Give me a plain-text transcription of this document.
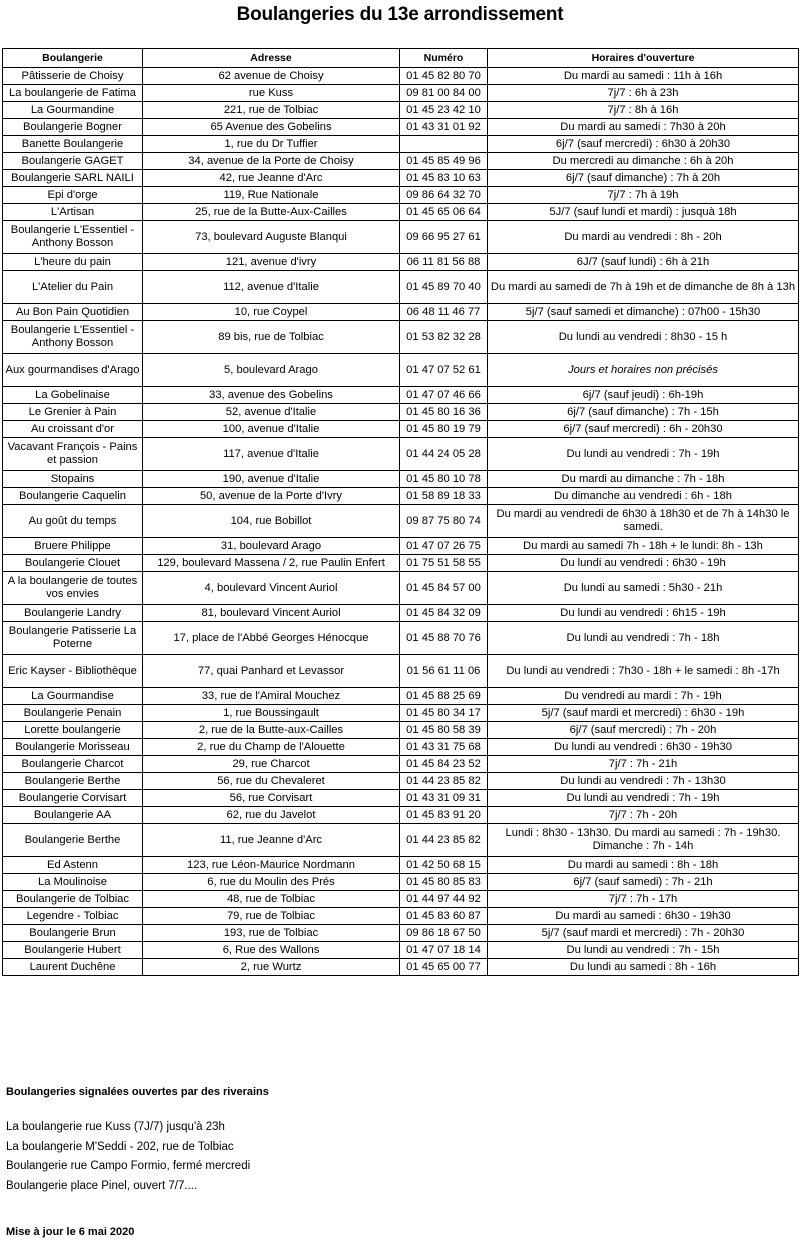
Boulangeries du 13e arrondissement
Boulangerie	Adresse	Numéro	Horaires d'ouverture
Pâtisserie de Choisy	62 avenue de Choisy	01 45 82 80 70	Du mardi au samedi : 11h à 16h
La boulangerie de Fatima	rue Kuss	09 81 00 84 00	7j/7 : 6h à 23h
La Gourmandine	221, rue de Tolbiac	01 45 23 42 10	7j/7 : 8h à 16h
Boulangerie Bogner	65 Avenue des Gobelins	01 43 31 01 92	Du mardi au samedi : 7h30 à 20h
Banette Boulangerie	1, rue du Dr Tuffier		6j/7 (sauf mercredi) : 6h30 à 20h30
Boulangerie GAGET	34, avenue de la Porte de Choisy	01 45 85 49 96	Du mercredi au dimanche : 6h à 20h
Boulangerie SARL NAILI	42, rue Jeanne d'Arc	01 45 83 10 63	6j/7 (sauf dimanche) : 7h à 20h
Epi d'orge	119, Rue Nationale	09 86 64 32 70	7j/7 : 7h à 19h
L'Artisan	25, rue de la Butte-Aux-Cailles	01 45 65 06 64	5J/7 (sauf lundi et mardi) : jusquà 18h
Boulangerie L'Essentiel - Anthony Bosson	73, boulevard Auguste Blanqui	09 66 95 27 61	Du mardi au vendredi : 8h - 20h
L'heure du pain	121, avenue d'ivry	06 11 81 56 88	6J/7 (sauf lundi) : 6h à 21h
L'Atelier du Pain	112, avenue d'Italie	01 45 89 70 40	Du mardi au samedi de 7h à 19h et de dimanche de 8h à 13h
Au Bon Pain Quotidien	10, rue Coypel	06 48 11 46 77	5j/7 (sauf samedi et dimanche) : 07h00 - 15h30
Boulangerie L'Essentiel - Anthony Bosson	89 bis, rue de Tolbiac	01 53 82 32 28	Du lundi au vendredi : 8h30 - 15 h
Aux gourmandises d'Arago	5, boulevard Arago	01 47 07 52 61	Jours et horaires non précisés
La Gobelinaise	33, avenue des Gobelins	01 47 07 46 66	6j/7 (sauf jeudi) : 6h-19h
Le Grenier à Pain	52, avenue d'Italie	01 45 80 16 36	6j/7 (sauf dimanche) : 7h - 15h
Au croissant d'or	100, avenue d'Italie	01 45 80 19 79	6j/7 (sauf mercredi) : 6h - 20h30
Vacavant François - Pains et passion	117, avenue d'Italie	01 44 24 05 28	Du lundi au vendredi : 7h - 19h
Stopains	190, avenue d'Italie	01 45 80 10 78	Du mardi au dimanche : 7h - 18h
Boulangerie Caquelin	50, avenue de la Porte d'Ivry	01 58 89 18 33	Du dimanche au vendredi : 6h - 18h
Au goût du temps	104, rue Bobillot	09 87 75 80 74	Du mardi au vendredi de 6h30 à 18h30 et de 7h à 14h30 le samedi.
Bruere Philippe	31, boulevard Arago	01 47 07 26 75	Du mardi au samedi 7h - 18h + le lundi: 8h - 13h
Boulangerie Clouet	129, boulevard Massena / 2, rue Paulin Enfert	01 75 51 58 55	Du lundi au vendredi : 6h30 - 19h
A la boulangerie de toutes vos envies	4, boulevard Vincent Auriol	01 45 84 57 00	Du lundi au samedi : 5h30 - 21h
Boulangerie Landry	81, boulevard Vincent Auriol	01 45 84 32 09	Du lundi au vendredi : 6h15 - 19h
Boulangerie Patisserie La Poterne	17, place de l'Abbé Georges Hénocque	01 45 88 70 76	Du lundi au vendredi : 7h - 18h
Eric Kayser - Bibliothèque	77, quai Panhard et Levassor	01 56 61 11 06	Du lundi au vendredi : 7h30 - 18h + le samedi : 8h -17h
La Gourmandise	33, rue de l'Amiral Mouchez	01 45 88 25 69	Du vendredi au mardi : 7h - 19h
Boulangerie Penain	1, rue Boussingault	01 45 80 34 17	5j/7 (sauf mardi et mercredi) : 6h30 - 19h
Lorette boulangerie	2, rue de la Butte-aux-Cailles	01 45 80 58 39	6j/7 (sauf mercredi) : 7h - 20h
Boulangerie Morisseau	2, rue du Champ de l'Alouette	01 43 31 75 68	Du lundi au vendredi : 6h30 - 19h30
Boulangerie Charcot	29, rue Charcot	01 45 84 23 52	7j/7 : 7h - 21h
Boulangerie Berthe	56, rue du Chevaleret	01 44 23 85 82	Du lundi au vendredi : 7h - 13h30
Boulangerie Corvisart	56, rue Corvisart	01 43 31 09 31	Du lundi au vendredi : 7h - 19h
Boulangerie AA	62, rue du Javelot	01 45 83 91 20	7j/7 : 7h - 20h
Boulangerie Berthe	11, rue Jeanne d'Arc	01 44 23 85 82	Lundi : 8h30 - 13h30. Du mardi au samedi : 7h - 19h30. Dimanche : 7h - 14h
Ed Astenn	123, rue Léon-Maurice Nordmann	01 42 50 68 15	Du mardi au samedi : 8h - 18h
La Moulinoise	6, rue du Moulin des Prés	01 45 80 85 83	6j/7 (sauf samedi) : 7h - 21h
Boulangerie de Tolbiac	48, rue de Tolbiac	01 44 97 44 92	7j/7 : 7h - 17h
Legendre - Tolbiac	79, rue de Tolbiac	01 45 83 60 87	Du mardi au samedi : 6h30 - 19h30
Boulangerie Brun	193, rue de Tolbiac	09 86 18 67 50	5j/7 (sauf mardi et mercredi) : 7h - 20h30
Boulangerie Hubert	6, Rue des Wallons	01 47 07 18 14	Du lundi au vendredi : 7h - 15h
Laurent Duchêne	2, rue Wurtz	01 45 65 00 77	Du lundi au samedi : 8h - 16h
Boulangeries signalées ouvertes par des riverains
La boulangerie rue Kuss (7J/7) jusqu'à 23h
La boulangerie M'Seddi - 202, rue de Tolbiac
Boulangerie rue Campo Formio, fermé mercredi
Boulangerie place Pinel, ouvert 7/7....
Mise à jour le 6 mai 2020
